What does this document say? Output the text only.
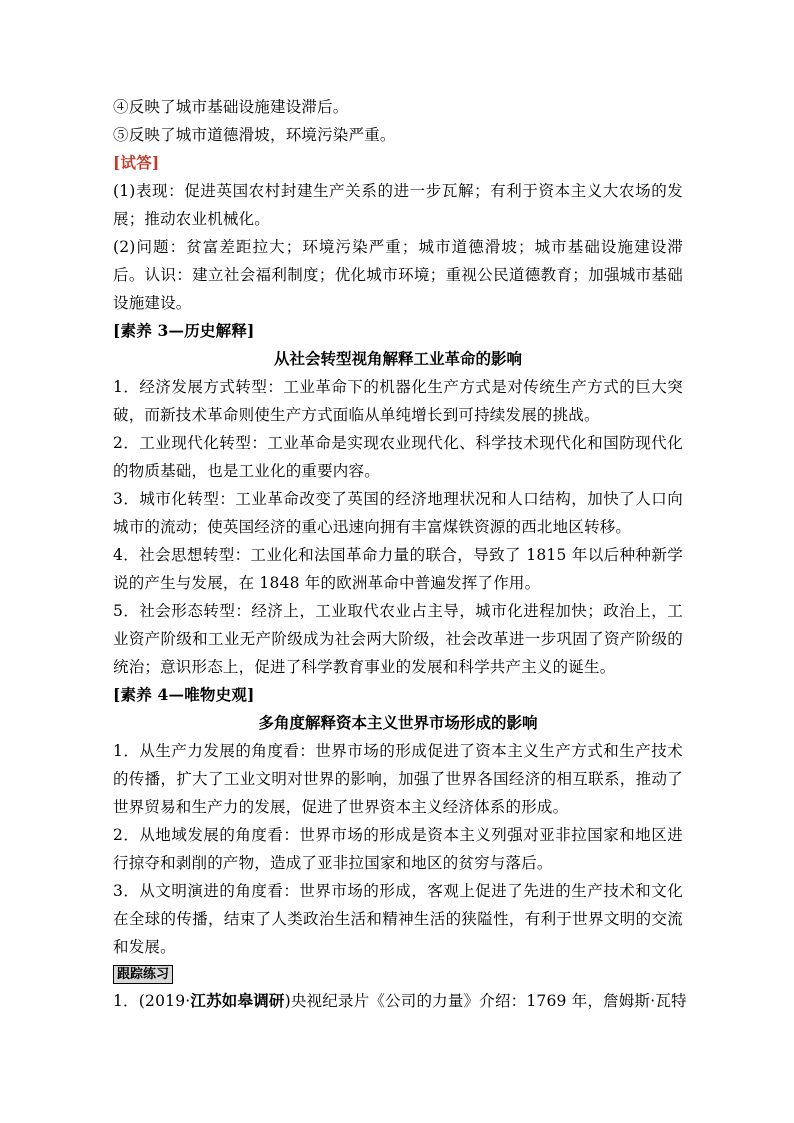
④反映了城市基础设施建设滞后。
⑤反映了城市道德滑坡，环境污染严重。
[试答]
(1)表现：促进英国农村封建生产关系的进一步瓦解；有利于资本主义大农场的发展；推动农业机械化。
(2)问题：贫富差距拉大；环境污染严重；城市道德滑坡；城市基础设施建设滞后。认识：建立社会福利制度；优化城市环境；重视公民道德教育；加强城市基础设施建设。
[素养 3—历史解释]
从社会转型视角解释工业革命的影响
1．经济发展方式转型：工业革命下的机器化生产方式是对传统生产方式的巨大突破，而新技术革命则使生产方式面临从单纯增长到可持续发展的挑战。
2．工业现代化转型：工业革命是实现农业现代化、科学技术现代化和国防现代化的物质基础，也是工业化的重要内容。
3．城市化转型：工业革命改变了英国的经济地理状况和人口结构，加快了人口向城市的流动；使英国经济的重心迅速向拥有丰富煤铁资源的西北地区转移。
4．社会思想转型：工业化和法国革命力量的联合，导致了 1815 年以后种种新学说的产生与发展，在 1848 年的欧洲革命中普遍发挥了作用。
5．社会形态转型：经济上，工业取代农业占主导，城市化进程加快；政治上，工业资产阶级和工业无产阶级成为社会两大阶级，社会改革进一步巩固了资产阶级的统治；意识形态上，促进了科学教育事业的发展和科学共产主义的诞生。
[素养 4—唯物史观]
多角度解释资本主义世界市场形成的影响
1．从生产力发展的角度看：世界市场的形成促进了资本主义生产方式和生产技术的传播，扩大了工业文明对世界的影响，加强了世界各国经济的相互联系，推动了世界贸易和生产力的发展，促进了世界资本主义经济体系的形成。
2．从地域发展的角度看：世界市场的形成是资本主义列强对亚非拉国家和地区进行掠夺和剥削的产物，造成了亚非拉国家和地区的贫穷与落后。
3．从文明演进的角度看：世界市场的形成，客观上促进了先进的生产技术和文化在全球的传播，结束了人类政治生活和精神生活的狭隘性，有利于世界文明的交流和发展。
跟踪练习
1．(2019·江苏如皋调研)央视纪录片《公司的力量》介绍：1769 年，詹姆斯·瓦特
